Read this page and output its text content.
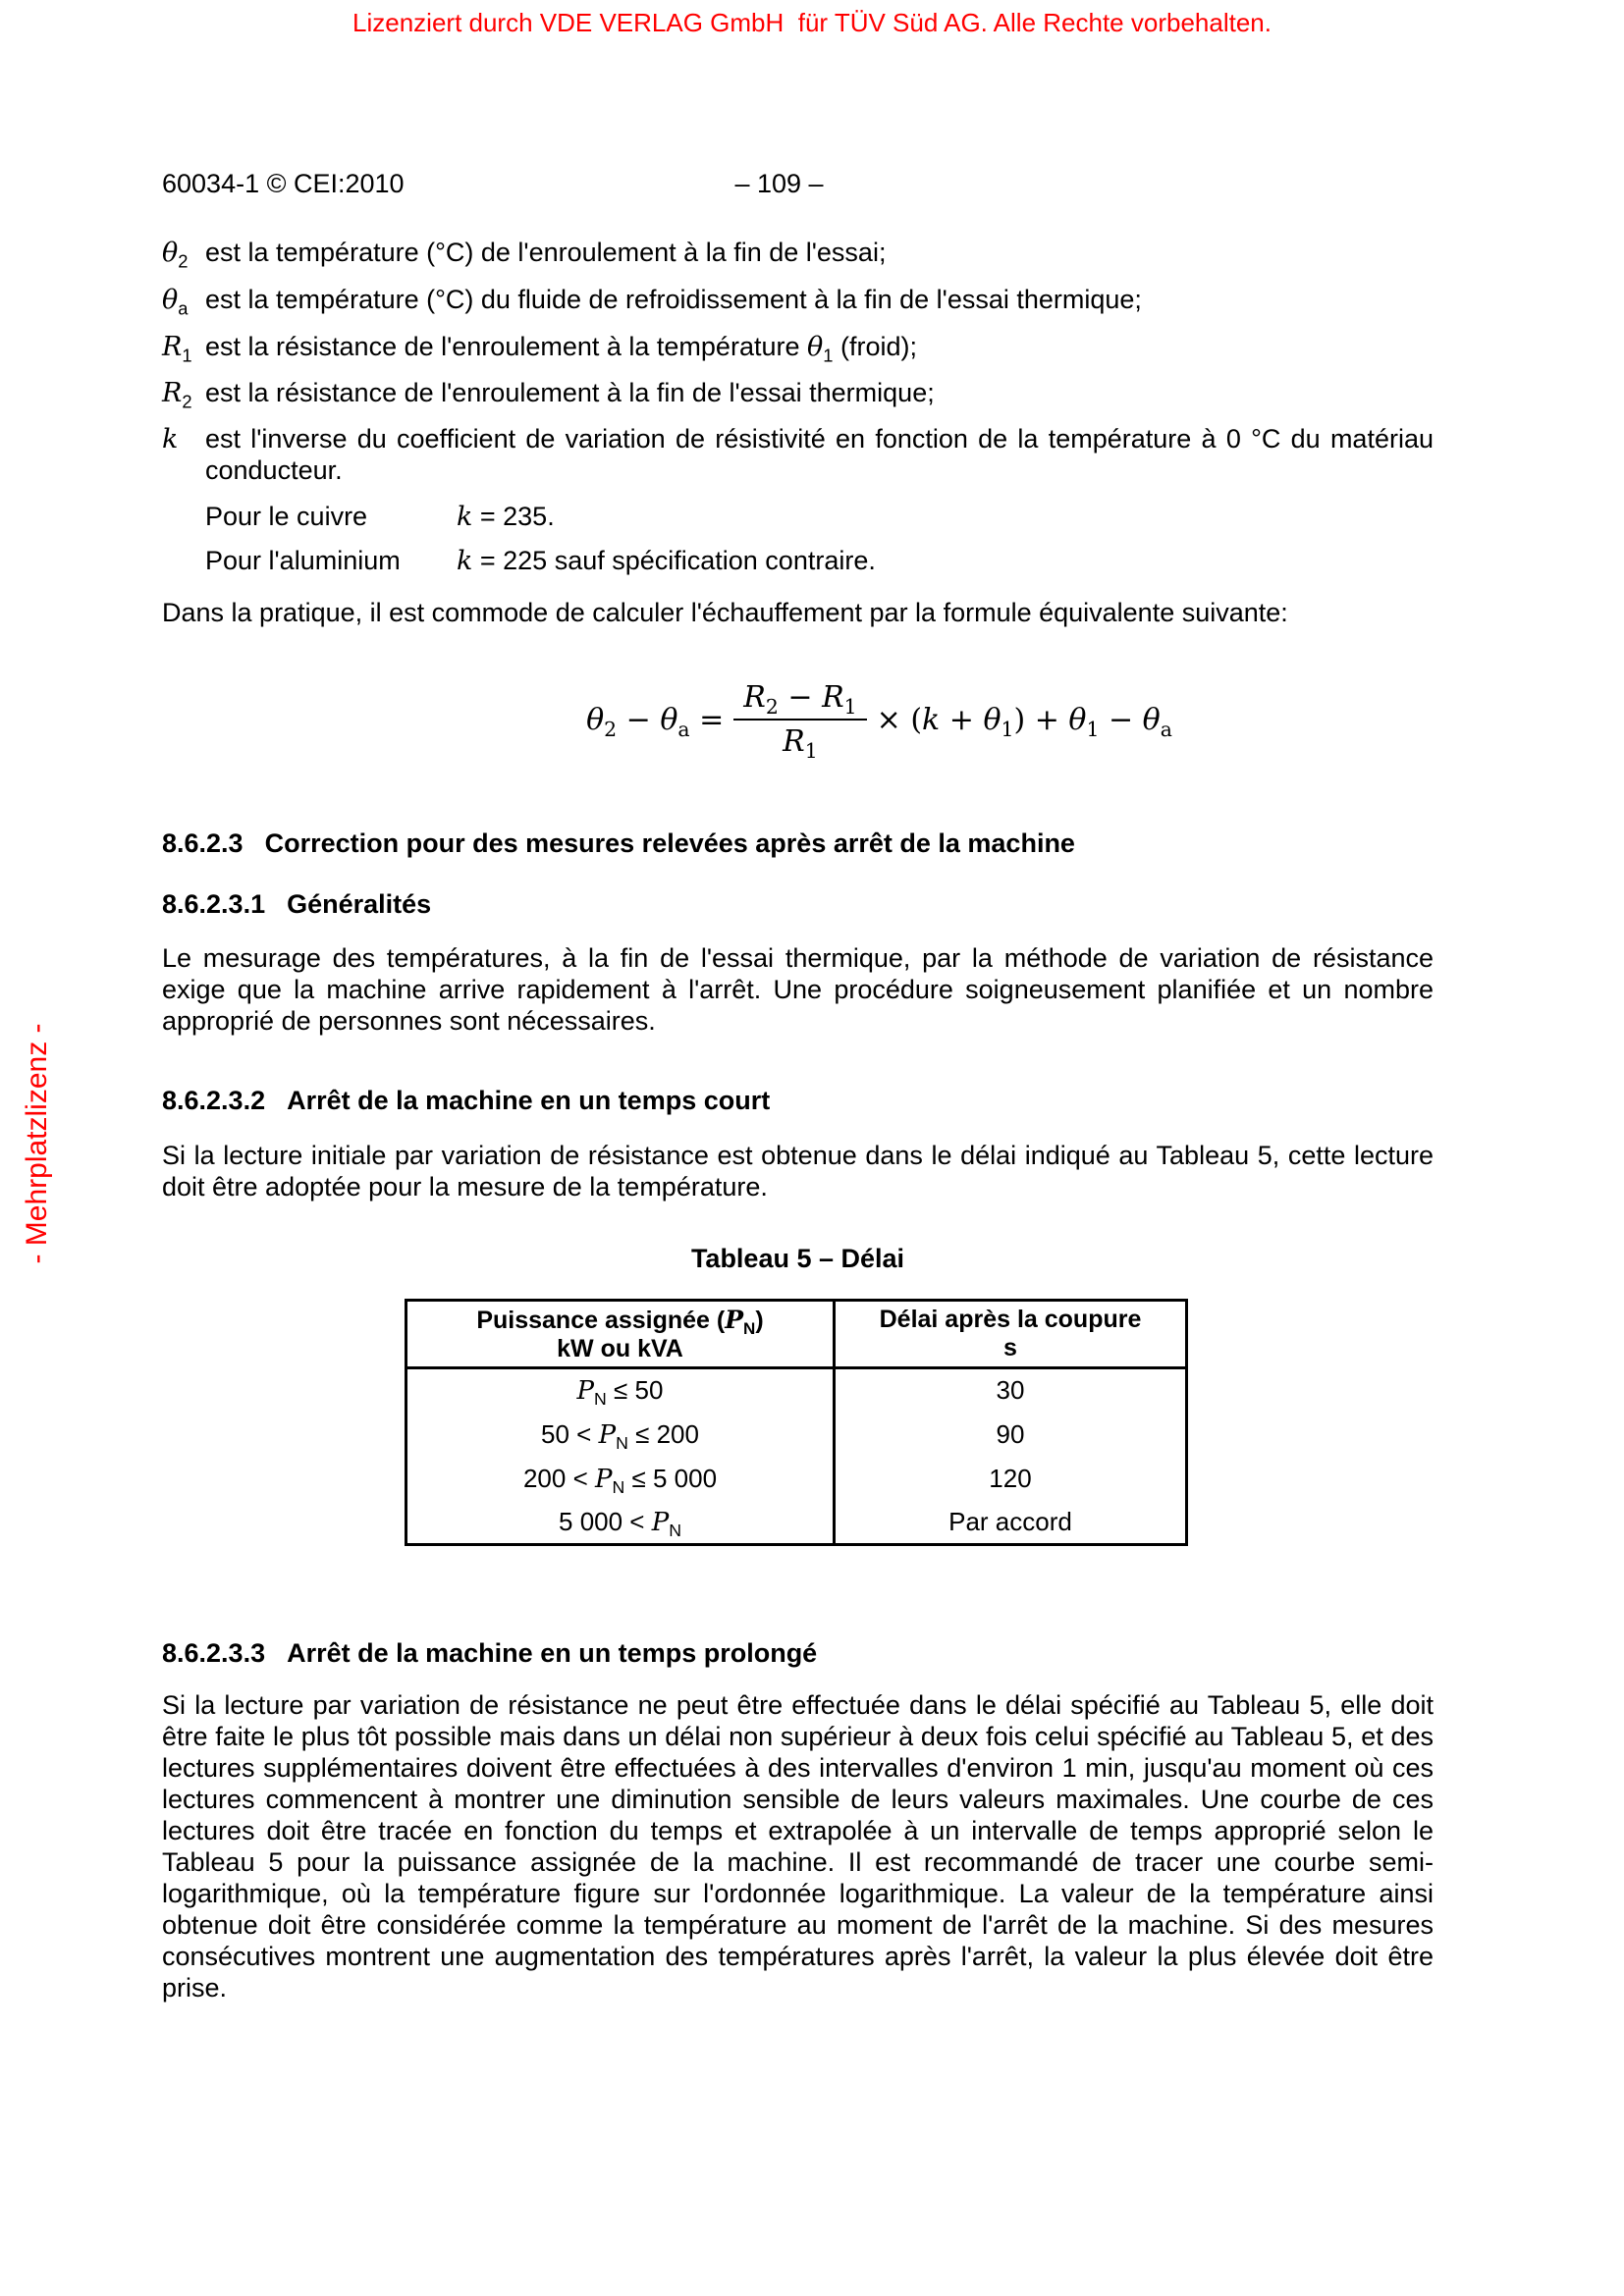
Lizenziert durch VDE VERLAG GmbH  für TÜV Süd AG. Alle Rechte vorbehalten.
- Mehrplatzlizenz -
60034-1 © CEI:2010	– 109 –
$\theta_2$ est la température (°C) de l'enroulement à la fin de l'essai;
$\theta_a$ est la température (°C) du fluide de refroidissement à la fin de l'essai thermique;
$R_1$ est la résistance de l'enroulement à la température $\theta_1$ (froid);
$R_2$ est la résistance de l'enroulement à la fin de l'essai thermique;
k	est l'inverse du coefficient de variation de résistivité en fonction de la température à 0 °C du matériau conducteur.
Pour le cuivre	k = 235.
Pour l'aluminium	k = 225 sauf spécification contraire.

Dans la pratique, il est commode de calculer l'échauffement par la formule équivalente suivante:

$\theta_2 - \theta_a = \frac{R_2 - R_1}{R_1} \times (k + \theta_1) + \theta_1 - \theta_a$
8.6.2.3 Correction pour des mesures relevées après arrêt de la machine
8.6.2.3.1 Généralités

Le mesurage des températures, à la fin de l'essai thermique, par la méthode de variation de résistance exige que la machine arrive rapidement à l'arrêt. Une procédure soigneusement planifiée et un nombre approprié de personnes sont nécessaires.

8.6.2.3.2 Arrêt de la machine en un temps court

Si la lecture initiale par variation de résistance est obtenue dans le délai indiqué au Tableau 5, cette lecture doit être adoptée pour la mesure de la température.

Tableau 5 – Délai
Puissance assignée $(P_N)$
kW ou kVA

Délai après la coupure
s

$P_N \le 50$	30
$50 < P_N \le 200$	90
$200 < P_N \le 5$ 000	120
5 $000 < P_N$	Par accord
8.6.2.3.3 Arrêt de la machine en un temps prolongé

Si la lecture par variation de résistance ne peut être effectuée dans le délai spécifié au Tableau 5, elle doit être faite le plus tôt possible mais dans un délai non supérieur à deux fois celui spécifié au Tableau 5, et des lectures supplémentaires doivent être effectuées à des intervalles d'environ 1 min, jusqu'au moment où ces lectures commencent à montrer une diminution sensible de leurs valeurs maximales. Une courbe de ces lectures doit être tracée en fonction du temps et extrapolée à un intervalle de temps approprié selon le Tableau 5 pour la puissance assignée de la machine. Il est recommandé de tracer une courbe semi-logarithmique, où la température figure sur l'ordonnée logarithmique. La valeur de la température ainsi obtenue doit être considérée comme la température au moment de l'arrêt de la machine. Si des mesures consécutives montrent une augmentation des températures après l'arrêt, la valeur la plus élevée doit être prise.
